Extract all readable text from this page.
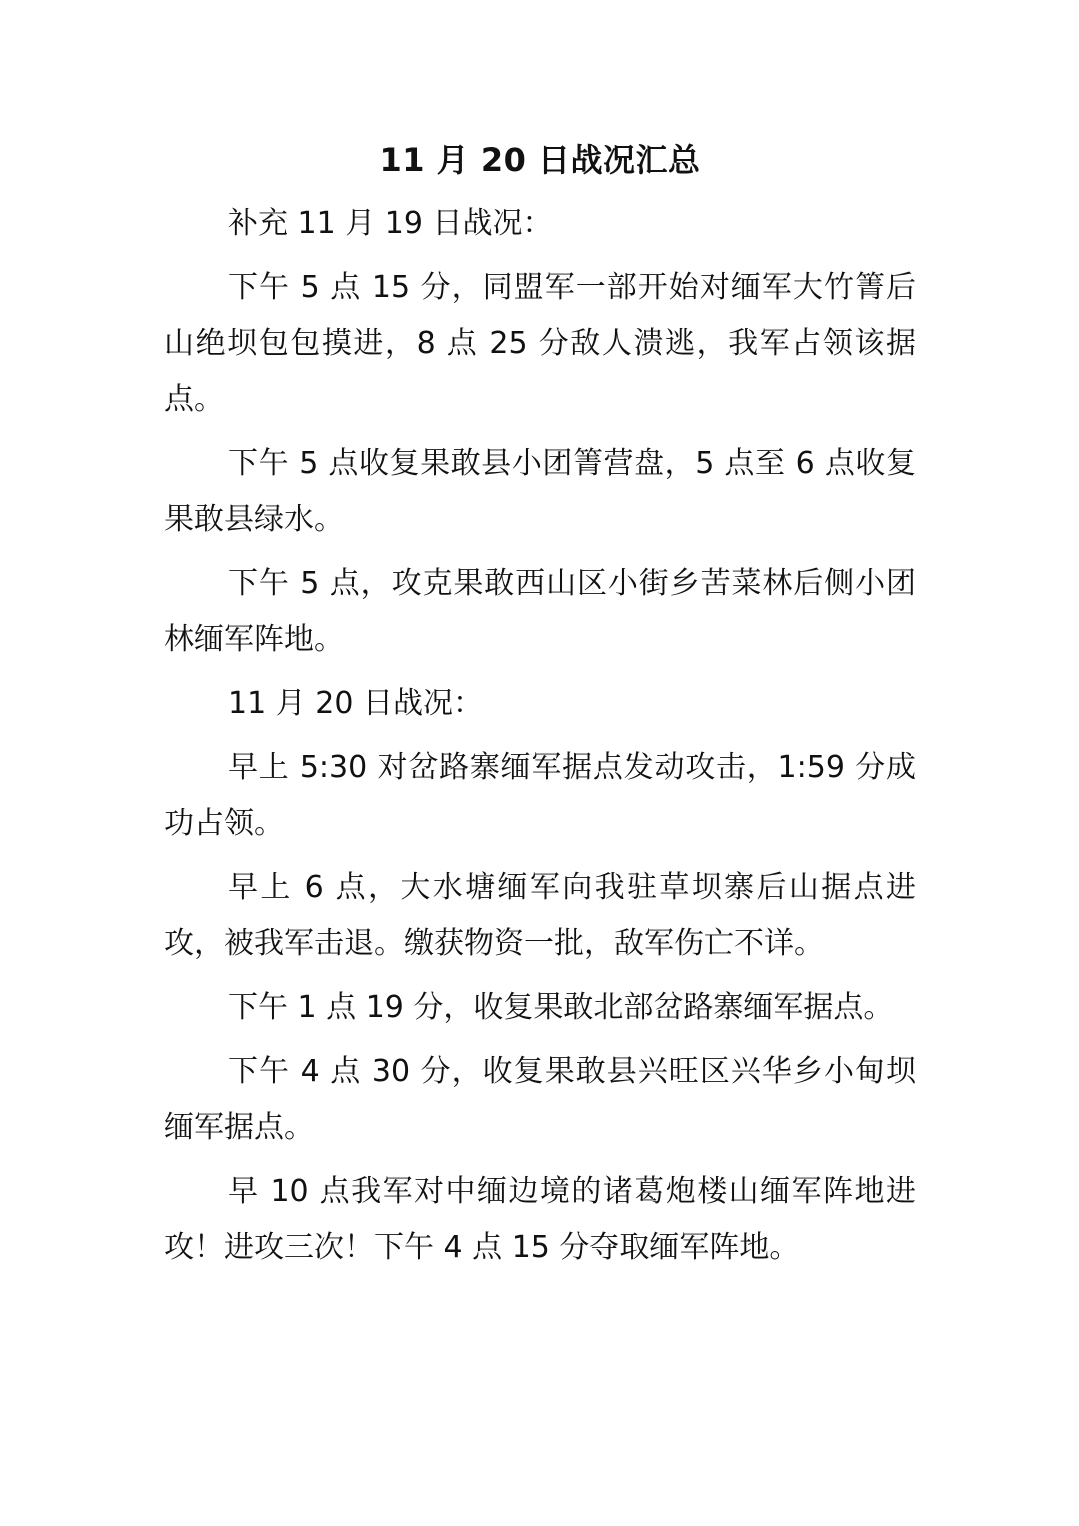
11 月 20 日战况汇总

补充 11 月 19 日战况：

下午 5 点 15 分，同盟军一部开始对缅军大竹箐后山绝坝包包摸进，8 点 25 分敌人溃逃，我军占领该据点。

下午 5 点收复果敢县小团箐营盘，5 点至 6 点收复果敢县绿水。

下午 5 点，攻克果敢西山区小街乡苦菜林后侧小团林缅军阵地。

11 月 20 日战况：

早上 5:30 对岔路寨缅军据点发动攻击，1:59 分成功占领。

早上 6 点，大水塘缅军向我驻草坝寨后山据点进攻，被我军击退。缴获物资一批，敌军伤亡不详。

下午 1 点 19 分，收复果敢北部岔路寨缅军据点。

下午 4 点 30 分，收复果敢县兴旺区兴华乡小甸坝缅军据点。

早 10 点我军对中缅边境的诸葛炮楼山缅军阵地进攻！进攻三次！下午 4 点 15 分夺取缅军阵地。
